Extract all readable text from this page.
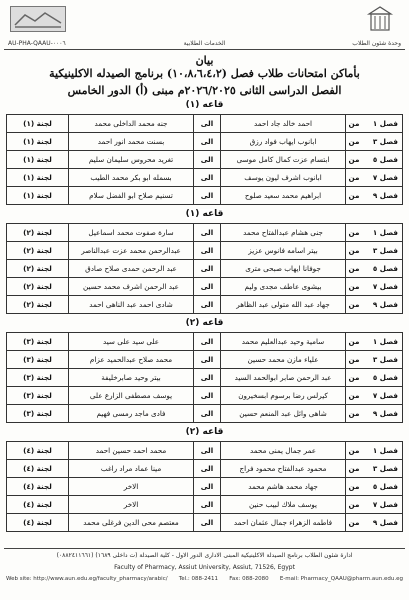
AU-PHA-QAAU-٠٠٠٦	الخدمات الطلابية	وحدة شئون الطلاب
بيان
بأماكن امتحانات طلاب فصل (١٠،٨،٦،٤،٢) برنامج الصيدله الاكلينيكية
الفصل الدراسى الثانى ٢٠٢٦/٢٠٢٥م مبنى (أ) الدور الخامس
قاعه (١)
فصل ١
من
احمد خالد جاد احمد
الى
جنه محمد الداخلى محمد
لجنة (١)
فصل ٣
من
ابانوب ايهاب فواد رزق
الى
بسنت محمد انور احمد
لجنة (١)
فصل ٥
من
ابتسام عزت كمال كامل موسى
الى
تغريد محروس سليمان سليم
لجنة (١)
فصل ٧
من
ابانوب اشرف ليون يوسف
الى
بسمله ابو بكر محمد الطيب
لجنة (١)
فصل ٩
من
ابراهيم محمد سعيد صلوح
الى
تسنيم صلاح ابو الفضل سلام
لجنة (١)
قاعه (١)
فصل ١
من
جنى هشام عبدالفتاح محمد
الى
سارة صفوت محمد اسماعيل
لجنة (٢)
فصل ٣
من
بيتر اسامه فانوس عزيز
الى
عبدالرحمن محمد عزت عبدالناصر
لجنة (٢)
فصل ٥
من
جوفانا ايهاب صبحى مترى
الى
عبد الرحمن حمدى صلاح صادق
لجنة (٢)
فصل ٧
من
بيشوى عاطف مجدى وليم
الى
عبد الرحمن اشرف محمد حسين
لجنة (٢)
فصل ٩
من
جهاد عبد الله متولى عبد الظاهر
الى
شادى احمد عبد الناهى احمد
لجنة (٢)
قاعه (٢)
فصل ١
من
سامية وحيد عبدالعليم محمد
الى
على سيد على سيد
لجنة (٣)
فصل ٣
من
علياء مازن محمد حسين
الى
محمد صلاح عبدالحميد عزام
لجنة (٣)
فصل ٥
من
عبد الرحمن صابر ابوالحمد السيد
الى
بيتر وحيد صابرخليفة
لجنة (٣)
فصل ٧
من
كيرلس رضا برسوم ابسخيرون
الى
يوسف مصطفى الزارع على
لجنة (٣)
فصل ٩
من
شاهى وائل عبد المنعم حسين
الى
فادى ماجد رمسى فهيم
لجنة (٣)
قاعه (٢)
فصل ١
من
عمر جمال يمنى محمد
الى
محمد احمد حسين احمد
لجنة (٤)
فصل ٣
من
محمود عبدالفتاح محمود فراج
الى
مينا عماد مراد راغب
لجنة (٤)
فصل ٥
من
جهاد محمد هاشم محمد
الى
الاخر
لجنة (٤)
فصل ٧
من
يوسف ملاك لبيب حنين
الى
الاخر
لجنة (٤)
فصل ٩
من
فاطمه الزهراء جمال عثمان احمد
الى
معتصم محى الدين فرغلى محمد
لجنة (٤)
ادارة شئون الطلاب برنامج الصيدلة الاكلينيكية المبنى الادارى الدور الاول - كلية الصيدلة (ت داخلى ١٦٨٩) (٠٨٨٢٤١١٦٦١)
Faculty of Pharmacy, Assiut University, Assiut, 71526, Egypt
Web site: http://www.aun.edu.eg/faculty_pharmacy/arabic/ Tel.: 088-2411 Fax: 088-2080 E-mail: Pharmacy_QAAU@pharm.aun.edu.eg
